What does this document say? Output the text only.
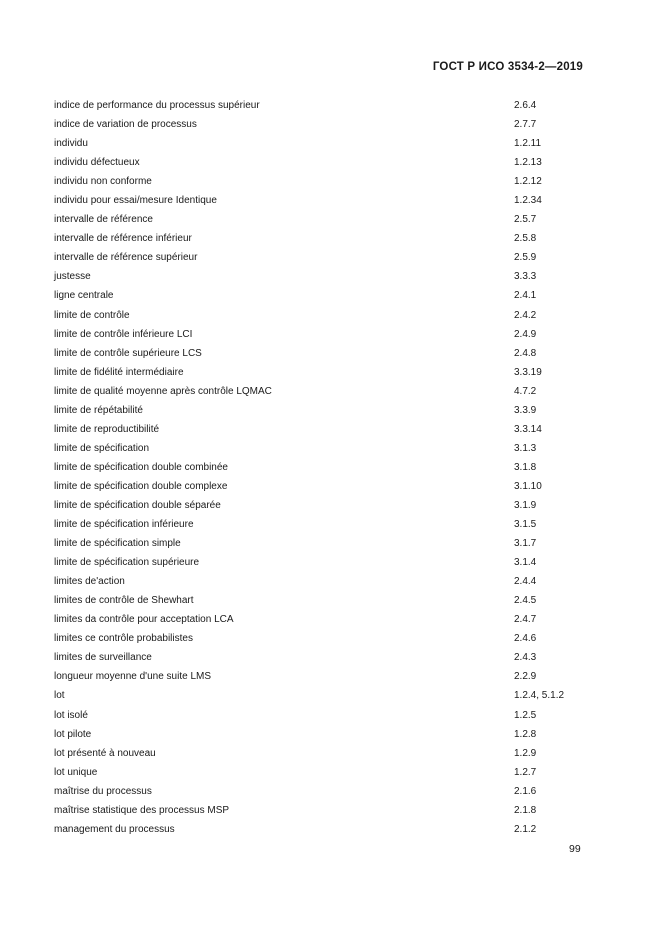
ГОСТ Р ИСО 3534-2—2019
indice de performance du processus supérieur	2.6.4
indice de variation de processus	2.7.7
individu	1.2.11
individu défectueux	1.2.13
individu non conforme	1.2.12
individu pour essai/mesure Identique	1.2.34
intervalle de référence	2.5.7
intervalle de référence inférieur	2.5.8
intervalle de référence supérieur	2.5.9
justesse	3.3.3
ligne centrale	2.4.1
limite de contrôle	2.4.2
limite de contrôle inférieure LCI	2.4.9
limite de contrôle supérieure LCS	2.4.8
limite de fidélité intermédiaire	3.3.19
limite de qualité moyenne après contrôle LQMAC	4.7.2
limite de répétabilité	3.3.9
limite de reproductibilité	3.3.14
limite de spécification	3.1.3
limite de spécification double combinée	3.1.8
limite de spécification double complexe	3.1.10
limite de spécification double séparée	3.1.9
limite de spécification inférieure	3.1.5
limite de spécification simple	3.1.7
limite de spécification supérieure	3.1.4
limites de'action	2.4.4
limites de contrôle de Shewhart	2.4.5
limites da contrôle pour acceptation LCA	2.4.7
limites ce contrôle probabilistes	2.4.6
limites de surveillance	2.4.3
longueur moyenne d'une suite LMS	2.2.9
lot	1.2.4, 5.1.2
lot isolé	1.2.5
lot pilote	1.2.8
lot présenté à nouveau	1.2.9
lot unique	1.2.7
maîtrise du processus	2.1.6
maîtrise statistique des processus MSP	2.1.8
management du processus	2.1.2
99
